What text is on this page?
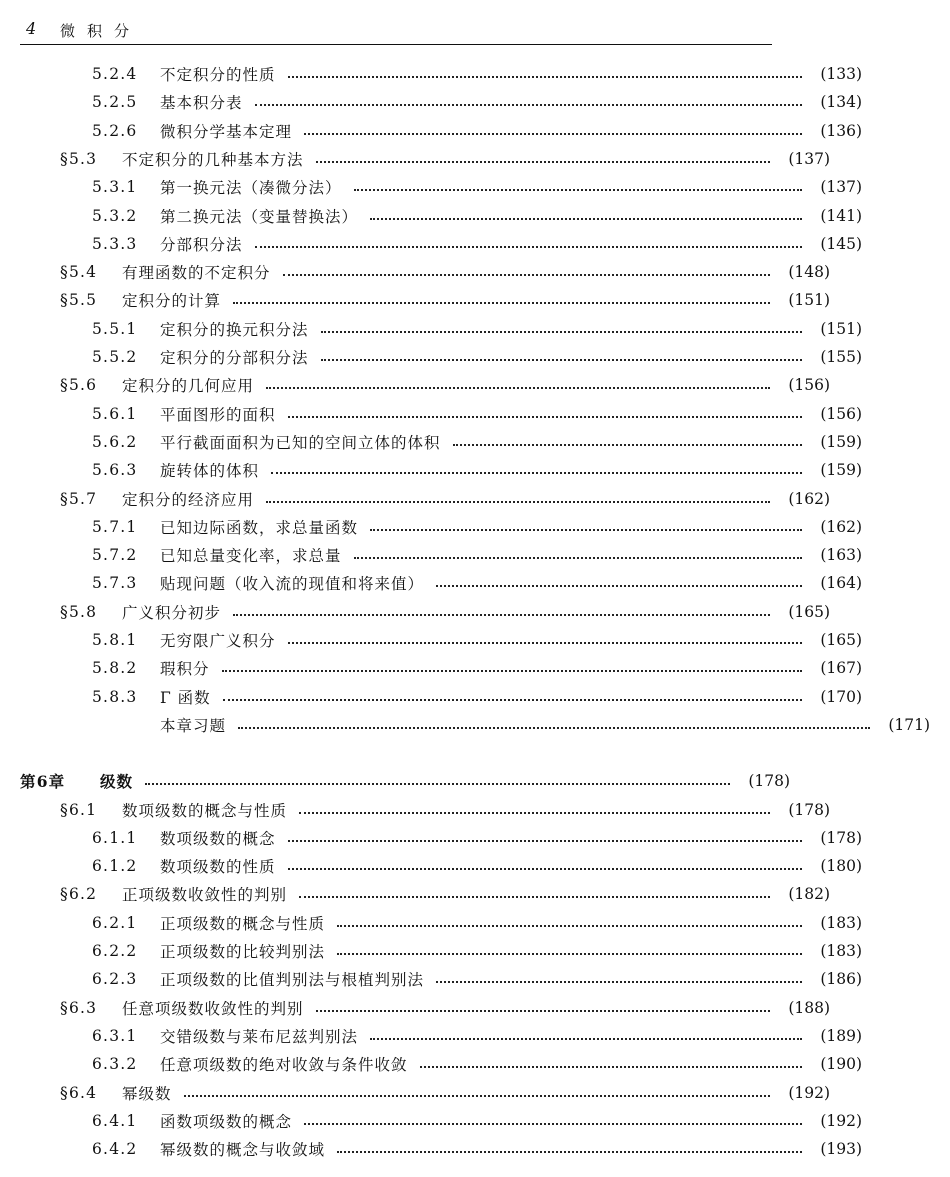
4 微积分
5.2.4	不定积分的性质	(133)
5.2.5	基本积分表	(134)
5.2.6	微积分学基本定理	(136)
§5.3	不定积分的几种基本方法	(137)
5.3.1	第一换元法（凑微分法）	(137)
5.3.2	第二换元法（变量替换法）	(141)
5.3.3	分部积分法	(145)
§5.4	有理函数的不定积分	(148)
§5.5	定积分的计算	(151)
5.5.1	定积分的换元积分法	(151)
5.5.2	定积分的分部积分法	(155)
§5.6	定积分的几何应用	(156)
5.6.1	平面图形的面积	(156)
5.6.2	平行截面面积为已知的空间立体的体积	(159)
5.6.3	旋转体的体积	(159)
§5.7	定积分的经济应用	(162)
5.7.1	已知边际函数，求总量函数	(162)
5.7.2	已知总量变化率，求总量	(163)
5.7.3	贴现问题（收入流的现值和将来值）	(164)
§5.8	广义积分初步	(165)
5.8.1	无穷限广义积分	(165)
5.8.2	瑕积分	(167)
5.8.3	Γ 函数	(170)
本章习题	(171)
第6章	级数	(178)
§6.1	数项级数的概念与性质	(178)
6.1.1	数项级数的概念	(178)
6.1.2	数项级数的性质	(180)
§6.2	正项级数收敛性的判别	(182)
6.2.1	正项级数的概念与性质	(183)
6.2.2	正项级数的比较判别法	(183)
6.2.3	正项级数的比值判别法与根植判别法	(186)
§6.3	任意项级数收敛性的判别	(188)
6.3.1	交错级数与莱布尼兹判别法	(189)
6.3.2	任意项级数的绝对收敛与条件收敛	(190)
§6.4	幂级数	(192)
6.4.1	函数项级数的概念	(192)
6.4.2	幂级数的概念与收敛域	(193)
